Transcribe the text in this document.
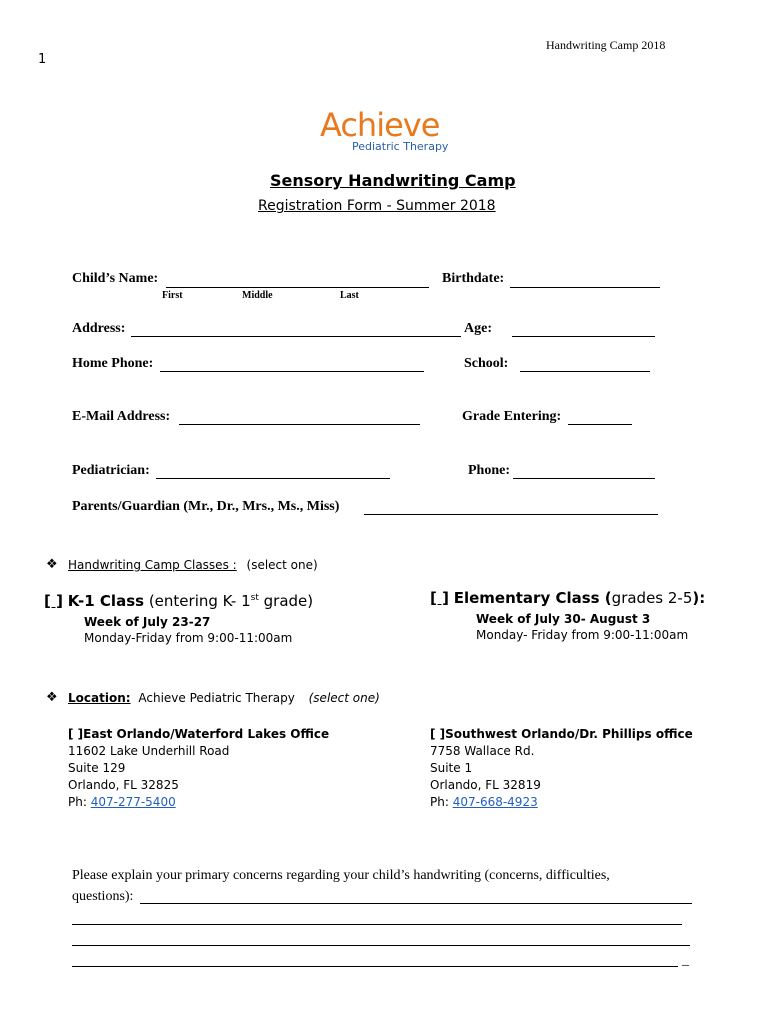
Handwriting Camp 2018
1
Achieve
Pediatric Therapy
Sensory Handwriting Camp
Registration Form - Summer 2018
Child’s Name:
First	Middle	Last
Birthdate:
Address:	Age:
Home Phone:	School:
E-Mail Address:	Grade Entering:
Pediatrician:	Phone:
Parents/Guardian (Mr., Dr., Mrs., Ms., Miss)
❖ Handwriting Camp Classes : (select one)
[ ] K-1 Class (entering K- 1st grade)
Week of July 23-27
Monday-Friday from 9:00-11:00am
[ ] Elementary Class (grades 2-5):
Week of July 30- August 3
Monday- Friday from 9:00-11:00am
❖ Location: Achieve Pediatric Therapy (select one)
[ ]East Orlando/Waterford Lakes Office
11602 Lake Underhill Road
Suite 129
Orlando, FL 32825
Ph: 407-277-5400
[ ]Southwest Orlando/Dr. Phillips office
7758 Wallace Rd.
Suite 1
Orlando, FL 32819
Ph: 407-668-4923
Please explain your primary concerns regarding your child’s handwriting (concerns, difficulties,
questions):
_
